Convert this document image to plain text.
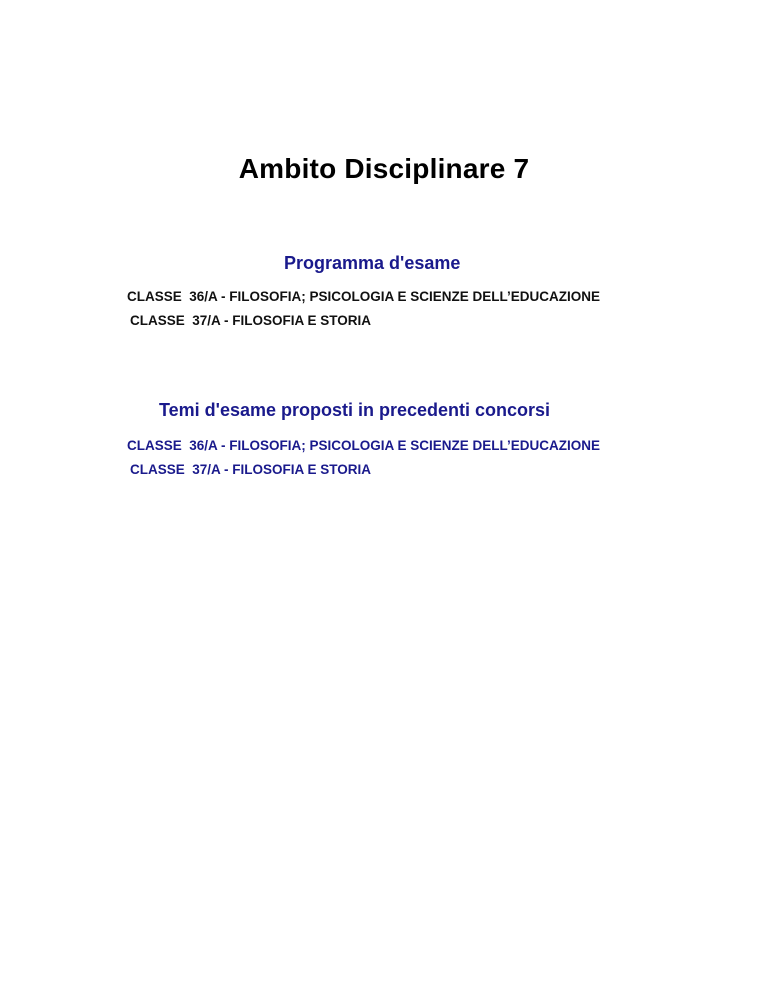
Ambito Disciplinare 7
Programma d'esame
CLASSE  36/A - FILOSOFIA; PSICOLOGIA E SCIENZE DELL’EDUCAZIONE
CLASSE  37/A - FILOSOFIA E STORIA
Temi d'esame proposti in precedenti concorsi
CLASSE  36/A - FILOSOFIA; PSICOLOGIA E SCIENZE DELL’EDUCAZIONE
CLASSE  37/A - FILOSOFIA E STORIA
